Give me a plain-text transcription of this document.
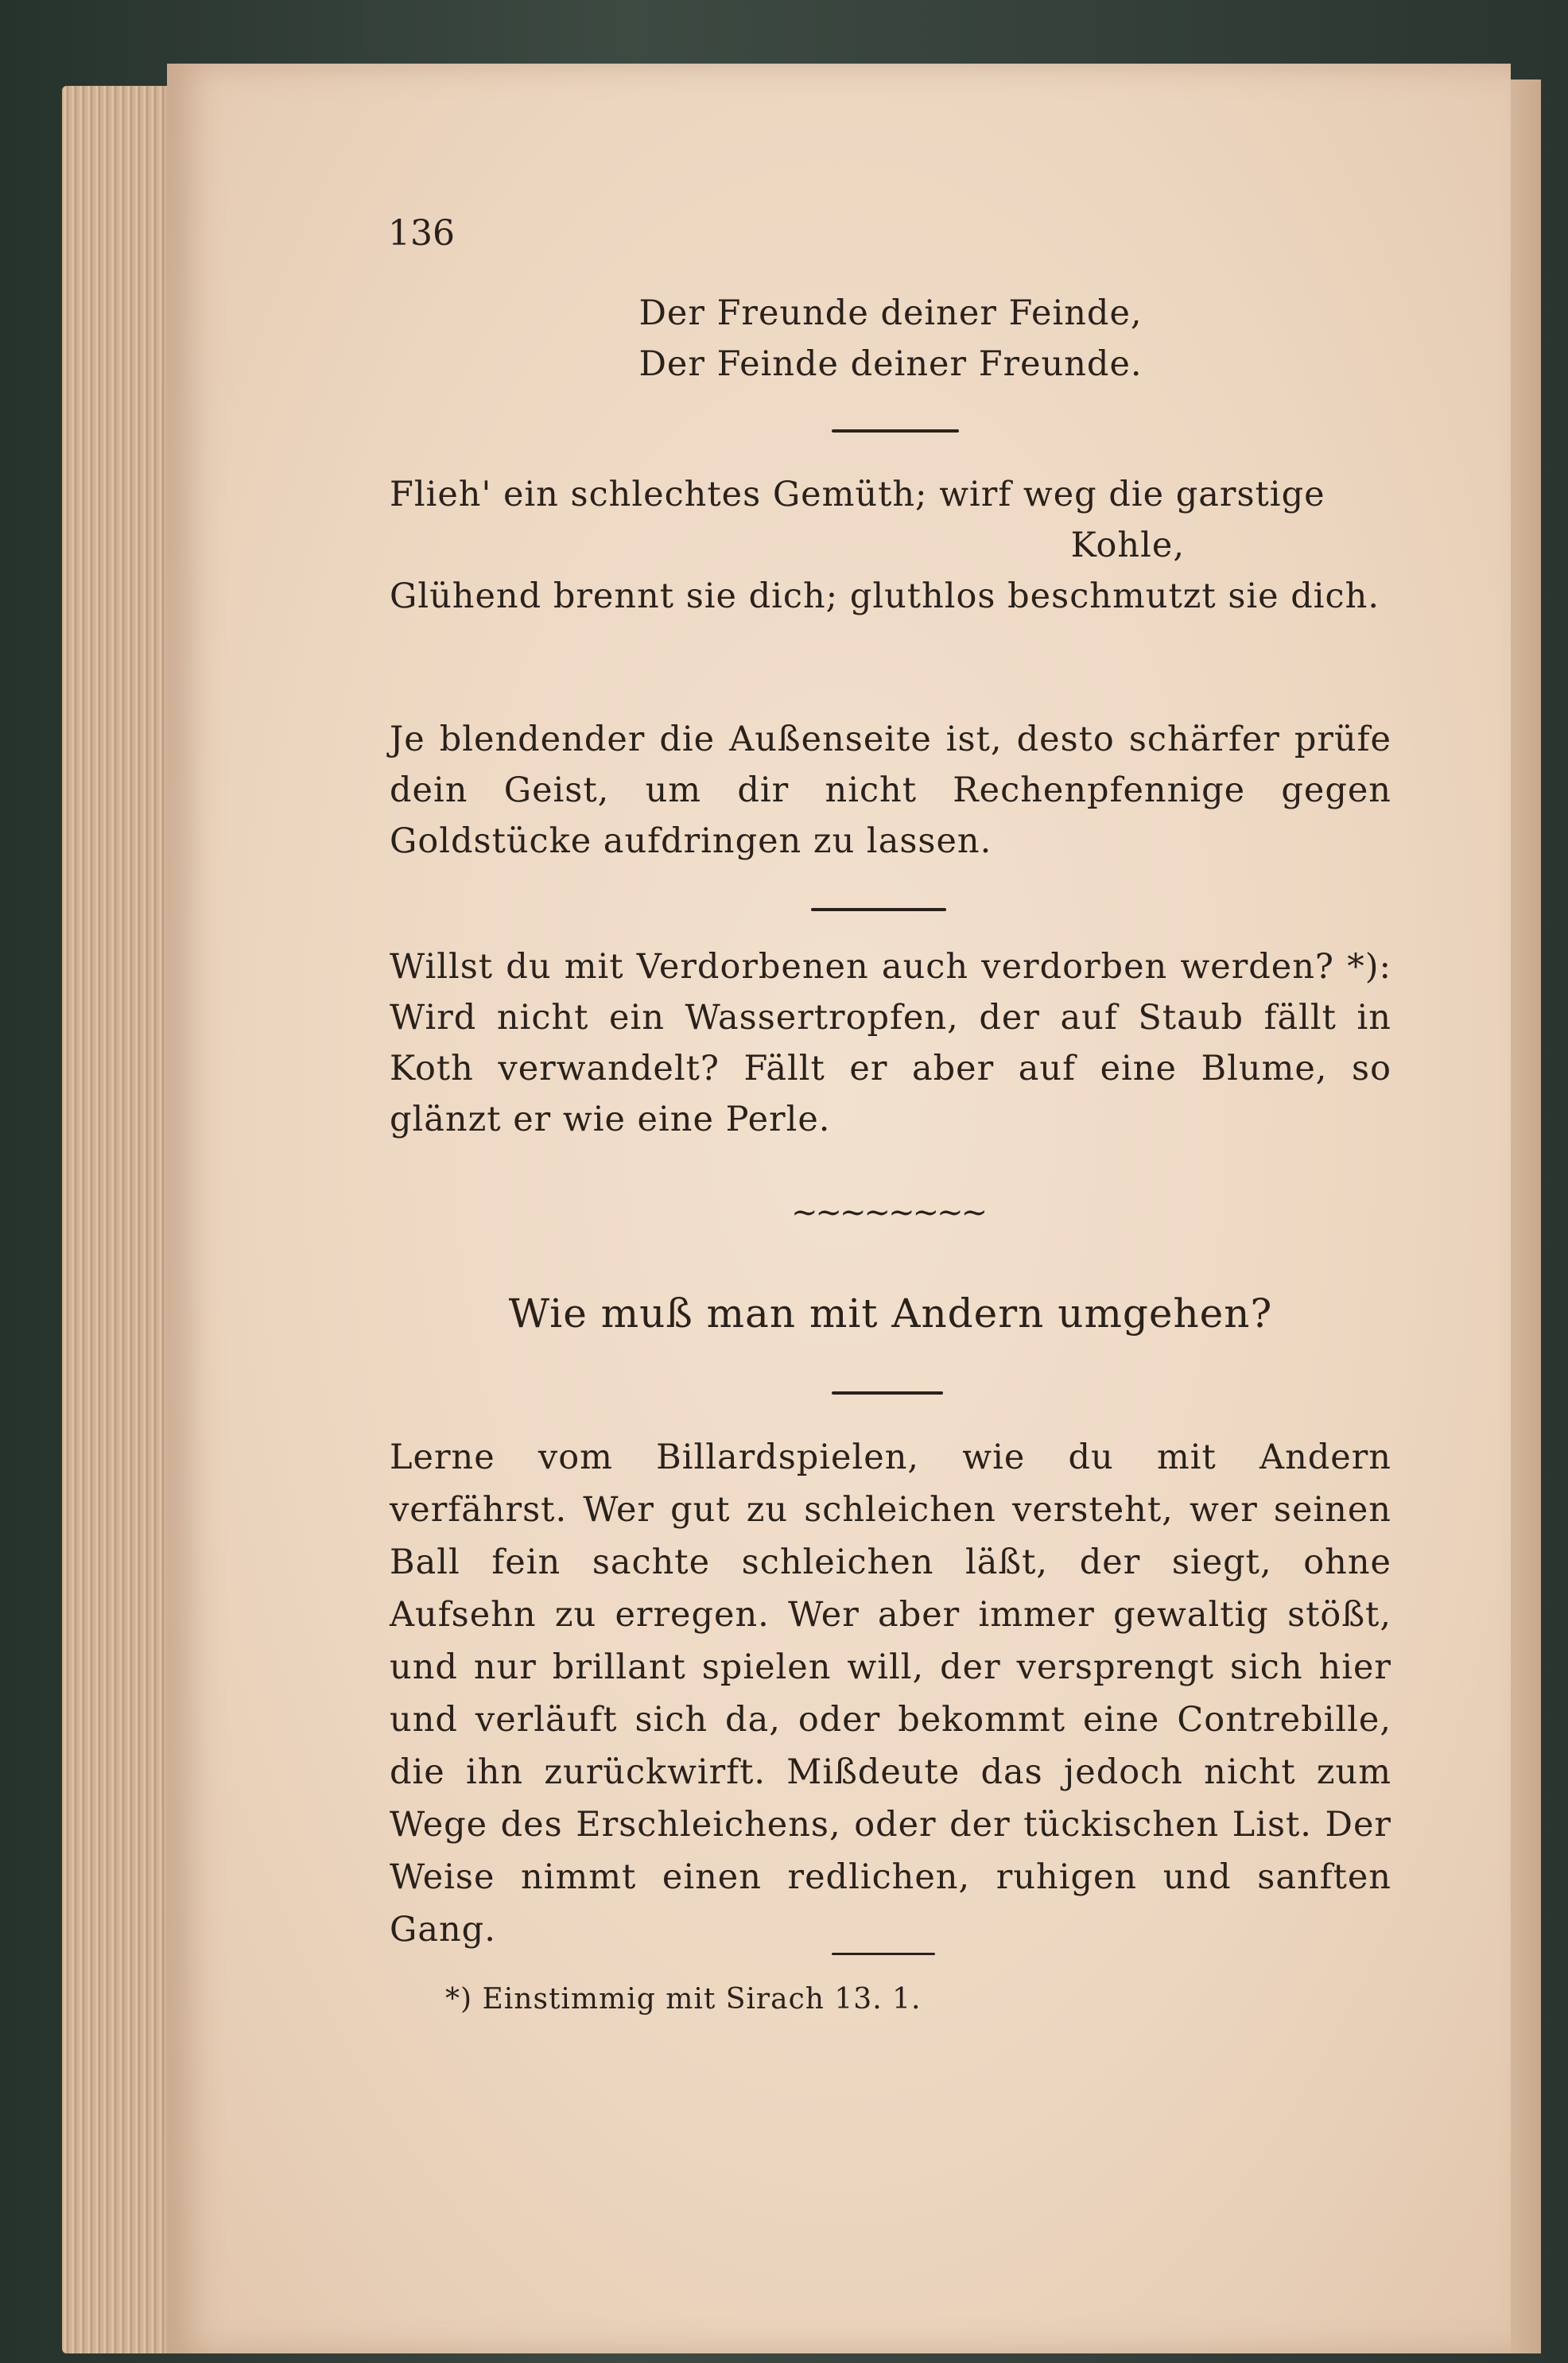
136
Der Freunde deiner Feinde,
Der Feinde deiner Freunde.
Flieh' ein schlechtes Gemüth; wirf weg die garstige
Kohle,
Glühend brennt sie dich; gluthlos beschmutzt sie dich.
Je blendender die Außenseite ist, desto schärfer prüfe dein Geist, um dir nicht Rechenpfennige gegen Goldstücke aufdringen zu lassen.
Willst du mit Verdorbenen auch verdorben werden? *): Wird nicht ein Wassertropfen, der auf Staub fällt in Koth verwandelt? Fällt er aber auf eine Blume, so glänzt er wie eine Perle.
~~~~~~~~
Wie muß man mit Andern umgehen?
Lerne vom Billardspielen, wie du mit Andern verfährst. Wer gut zu schleichen versteht, wer seinen Ball fein sachte schleichen läßt, der siegt, ohne Aufsehn zu erregen. Wer aber immer gewaltig stößt, und nur brillant spielen will, der versprengt sich hier und verläuft sich da, oder bekommt eine Contrebille, die ihn zurückwirft. Mißdeute das jedoch nicht zum Wege des Erschleichens, oder der tückischen List. Der Weise nimmt einen redlichen, ruhigen und sanften Gang.
*) Einstimmig mit Sirach 13. 1.
